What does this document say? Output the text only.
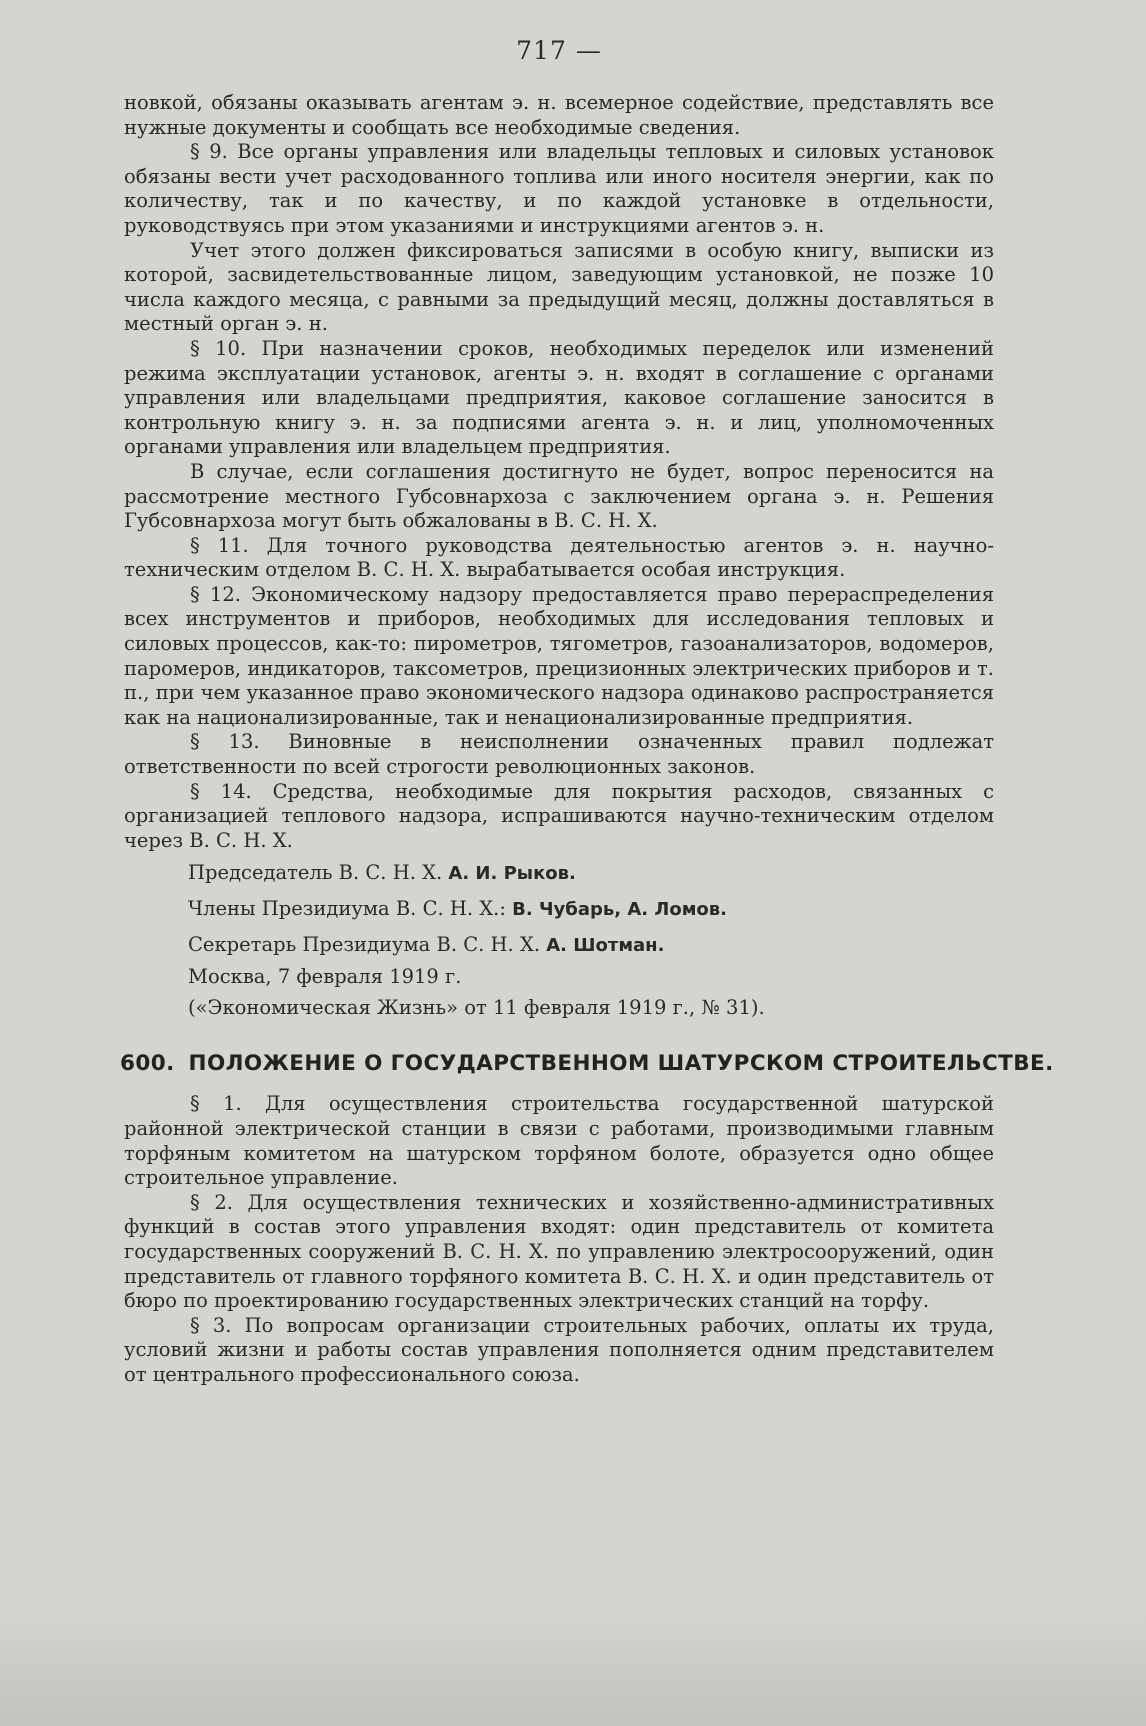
717 —

новкой, обязаны оказывать агентам э. н. всемерное содействие, представлять все нужные документы и сообщать все необходимые сведения.

§ 9. Все органы управления или владельцы тепловых и силовых установок обязаны вести учет расходованного топлива или иного носителя энергии, как по количеству, так и по качеству, и по каждой установке в отдельности, руководствуясь при этом указаниями и инструкциями агентов э. н.

Учет этого должен фиксироваться записями в особую книгу, выписки из которой, засвидетельствованные лицом, заведующим установкой, не позже 10 числа каждого месяца, с равными за предыдущий месяц, должны доставляться в местный орган э. н.

§ 10. При назначении сроков, необходимых переделок или изменений режима эксплуатации установок, агенты э. н. входят в соглашение с органами управления или владельцами предприятия, каковое соглашение заносится в контрольную книгу э. н. за подписями агента э. н. и лиц, уполномоченных органами управления или владельцем предприятия.

В случае, если соглашения достигнуто не будет, вопрос переносится на рассмотрение местного Губсовнархоза с заключением органа э. н. Решения Губсовнархоза могут быть обжалованы в В. С. Н. Х.

§ 11. Для точного руководства деятельностью агентов э. н. научно-техническим отделом В. С. Н. Х. вырабатывается особая инструкция.

§ 12. Экономическому надзору предоставляется право перераспределения всех инструментов и приборов, необходимых для исследования тепловых и силовых процессов, как-то: пирометров, тягометров, газоанализаторов, водомеров, паромеров, индикаторов, таксометров, прецизионных электрических приборов и т. п., при чем указанное право экономического надзора одинаково распространяется как на национализированные, так и ненационализированные предприятия.

§ 13. Виновные в неисполнении означенных правил подлежат ответственности по всей строгости революционных законов.

§ 14. Средства, необходимые для покрытия расходов, связанных с организацией теплового надзора, испрашиваются научно-техническим отделом через В. С. Н. Х.

Председатель В. С. Н. Х. А. И. Рыков.

Члены Президиума В. С. Н. Х.: В. Чубарь, А. Ломов.

Секретарь Президиума В. С. Н. Х. А. Шотман.

Москва, 7 февраля 1919 г.

(«Экономическая Жизнь» от 11 февраля 1919 г., № 31).

600. ПОЛОЖЕНИЕ О ГОСУДАРСТВЕННОМ ШАТУРСКОМ СТРОИТЕЛЬСТВЕ.

§ 1. Для осуществления строительства государственной шатурской районной электрической станции в связи с работами, производимыми главным торфяным комитетом на шатурском торфяном болоте, образуется одно общее строительное управление.

§ 2. Для осуществления технических и хозяйственно-административных функций в состав этого управления входят: один представитель от комитета государственных сооружений В. С. Н. Х. по управлению электросооружений, один представитель от главного торфяного комитета В. С. Н. Х. и один представитель от бюро по проектированию государственных электрических станций на торфу.

§ 3. По вопросам организации строительных рабочих, оплаты их труда, условий жизни и работы состав управления пополняется одним представителем от центрального профессионального союза.
